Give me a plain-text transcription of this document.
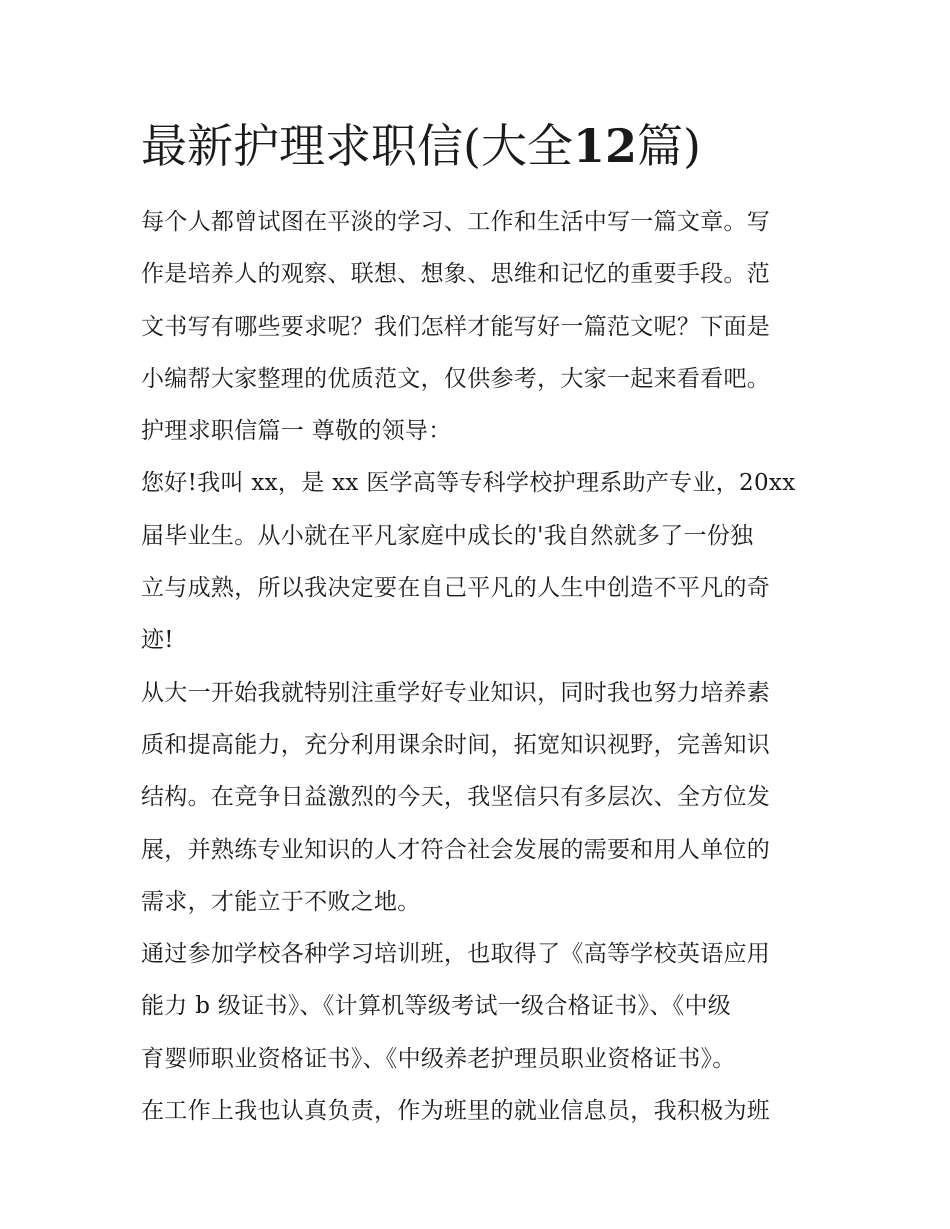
最新护理求职信(大全12篇)
每个人都曾试图在平淡的学习、工作和生活中写一篇文章。写
作是培养人的观察、联想、想象、思维和记忆的重要手段。范
文书写有哪些要求呢？我们怎样才能写好一篇范文呢？下面是
小编帮大家整理的优质范文，仅供参考，大家一起来看看吧。
护理求职信篇一 尊敬的领导：
您好!我叫 xx，是 xx 医学高等专科学校护理系助产专业，20xx
届毕业生。从小就在平凡家庭中成长的'我自然就多了一份独
立与成熟，所以我决定要在自己平凡的人生中创造不平凡的奇
迹!
从大一开始我就特别注重学好专业知识，同时我也努力培养素
质和提高能力，充分利用课余时间，拓宽知识视野，完善知识
结构。在竞争日益激烈的今天，我坚信只有多层次、全方位发
展，并熟练专业知识的人才符合社会发展的需要和用人单位的
需求，才能立于不败之地。
通过参加学校各种学习培训班，也取得了《高等学校英语应用
能力 b 级证书》、《计算机等级考试一级合格证书》、《中级
育婴师职业资格证书》、《中级养老护理员职业资格证书》。
在工作上我也认真负责，作为班里的就业信息员，我积极为班
